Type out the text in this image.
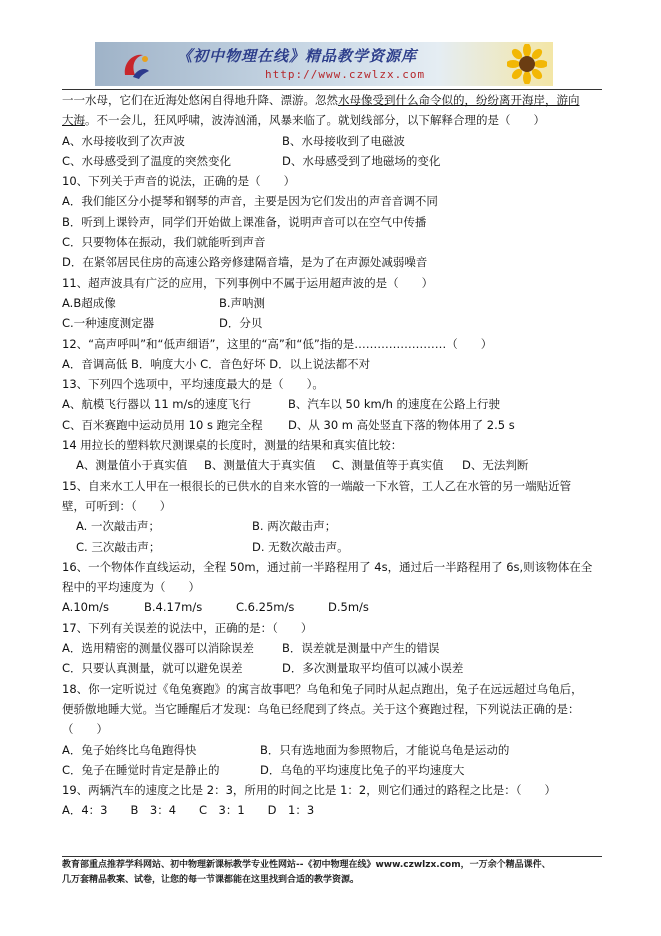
《初中物理在线》精品教学资源库
http://www.czwlzx.com
一一水母，它们在近海处悠闲自得地升降、漂游。忽然水母像受到什么命令似的，纷纷离开海岸，游向
大海。不一会儿，狂风呼啸，波涛汹涌，风暴来临了。就划线部分，以下解释合理的是（　　）
A、水母接收到了次声波	B、水母接收到了电磁波
C、水母感受到了温度的突然变化	D、水母感受到了地磁场的变化
10、下列关于声音的说法，正确的是（　　）
A．我们能区分小提琴和钢琴的声音，主要是因为它们发出的声音音调不同
B．听到上课铃声，同学们开始做上课准备，说明声音可以在空气中传播
C．只要物体在振动，我们就能听到声音
D．在紧邻居民住房的高速公路旁修建隔音墙，是为了在声源处减弱噪音
11、超声波具有广泛的应用，下列事例中不属于运用超声波的是（　　）
A.B超成像	B.声呐测
C.一种速度测定器	D．分贝
12、“高声呼叫”和“低声细语”，这里的“高”和“低”指的是……………………（　　）
A．音调高低 B．响度大小 C．音色好坏 D．以上说法都不对
13、下列四个选项中，平均速度最大的是（　　）。
A、航模飞行器以 11 m/s的速度飞行	B、汽车以 50 km/h 的速度在公路上行驶
C、百米赛跑中运动员用 10 s 跑完全程	D、从 30 m 高处竖直下落的物体用了 2.5 s
14 用拉长的塑料软尺测课桌的长度时，测量的结果和真实值比较：
A、测量值小于真实值	B、测量值大于真实值	C、测量值等于真实值	D、无法判断
15、自来水工人甲在一根很长的已供水的自来水管的一端敲一下水管，工人乙在水管的另一端贴近管
壁，可听到：（　　）
A. 一次敲击声；	B. 两次敲击声；
C. 三次敲击声；	D. 无数次敲击声。
16、一个物体作直线运动，全程 50m，通过前一半路程用了 4s，通过后一半路程用了 6s,则该物体在全
程中的平均速度为（　　）
A.10m/s	B.4.17m/s	C.6.25m/s	D.5m/s
17、下列有关误差的说法中，正确的是：（　　）
A．选用精密的测量仪器可以消除误差	B．误差就是测量中产生的错误
C．只要认真测量，就可以避免误差	D．多次测量取平均值可以减小误差
18、你一定听说过《龟兔赛跑》的寓言故事吧？乌龟和兔子同时从起点跑出，兔子在远远超过乌龟后，
便骄傲地睡大觉。当它睡醒后才发现：乌龟已经爬到了终点。关于这个赛跑过程，下列说法正确的是：
（　　）
A．兔子始终比乌龟跑得快	B．只有选地面为参照物后，才能说乌龟是运动的
C．兔子在睡觉时肯定是静止的	D．乌龟的平均速度比兔子的平均速度大
19、两辆汽车的速度之比是 2：3，所用的时间之比是 1：2，则它们通过的路程之比是：（　　）
A．4：3　　B　3：4　　C　3：1　　D　1：3
教育部重点推荐学科网站、初中物理新课标教学专业性网站--《初中物理在线》www.czwlzx.com，一万余个精品课件、
几万套精品教案、试卷，让您的每一节课都能在这里找到合适的教学资源。
